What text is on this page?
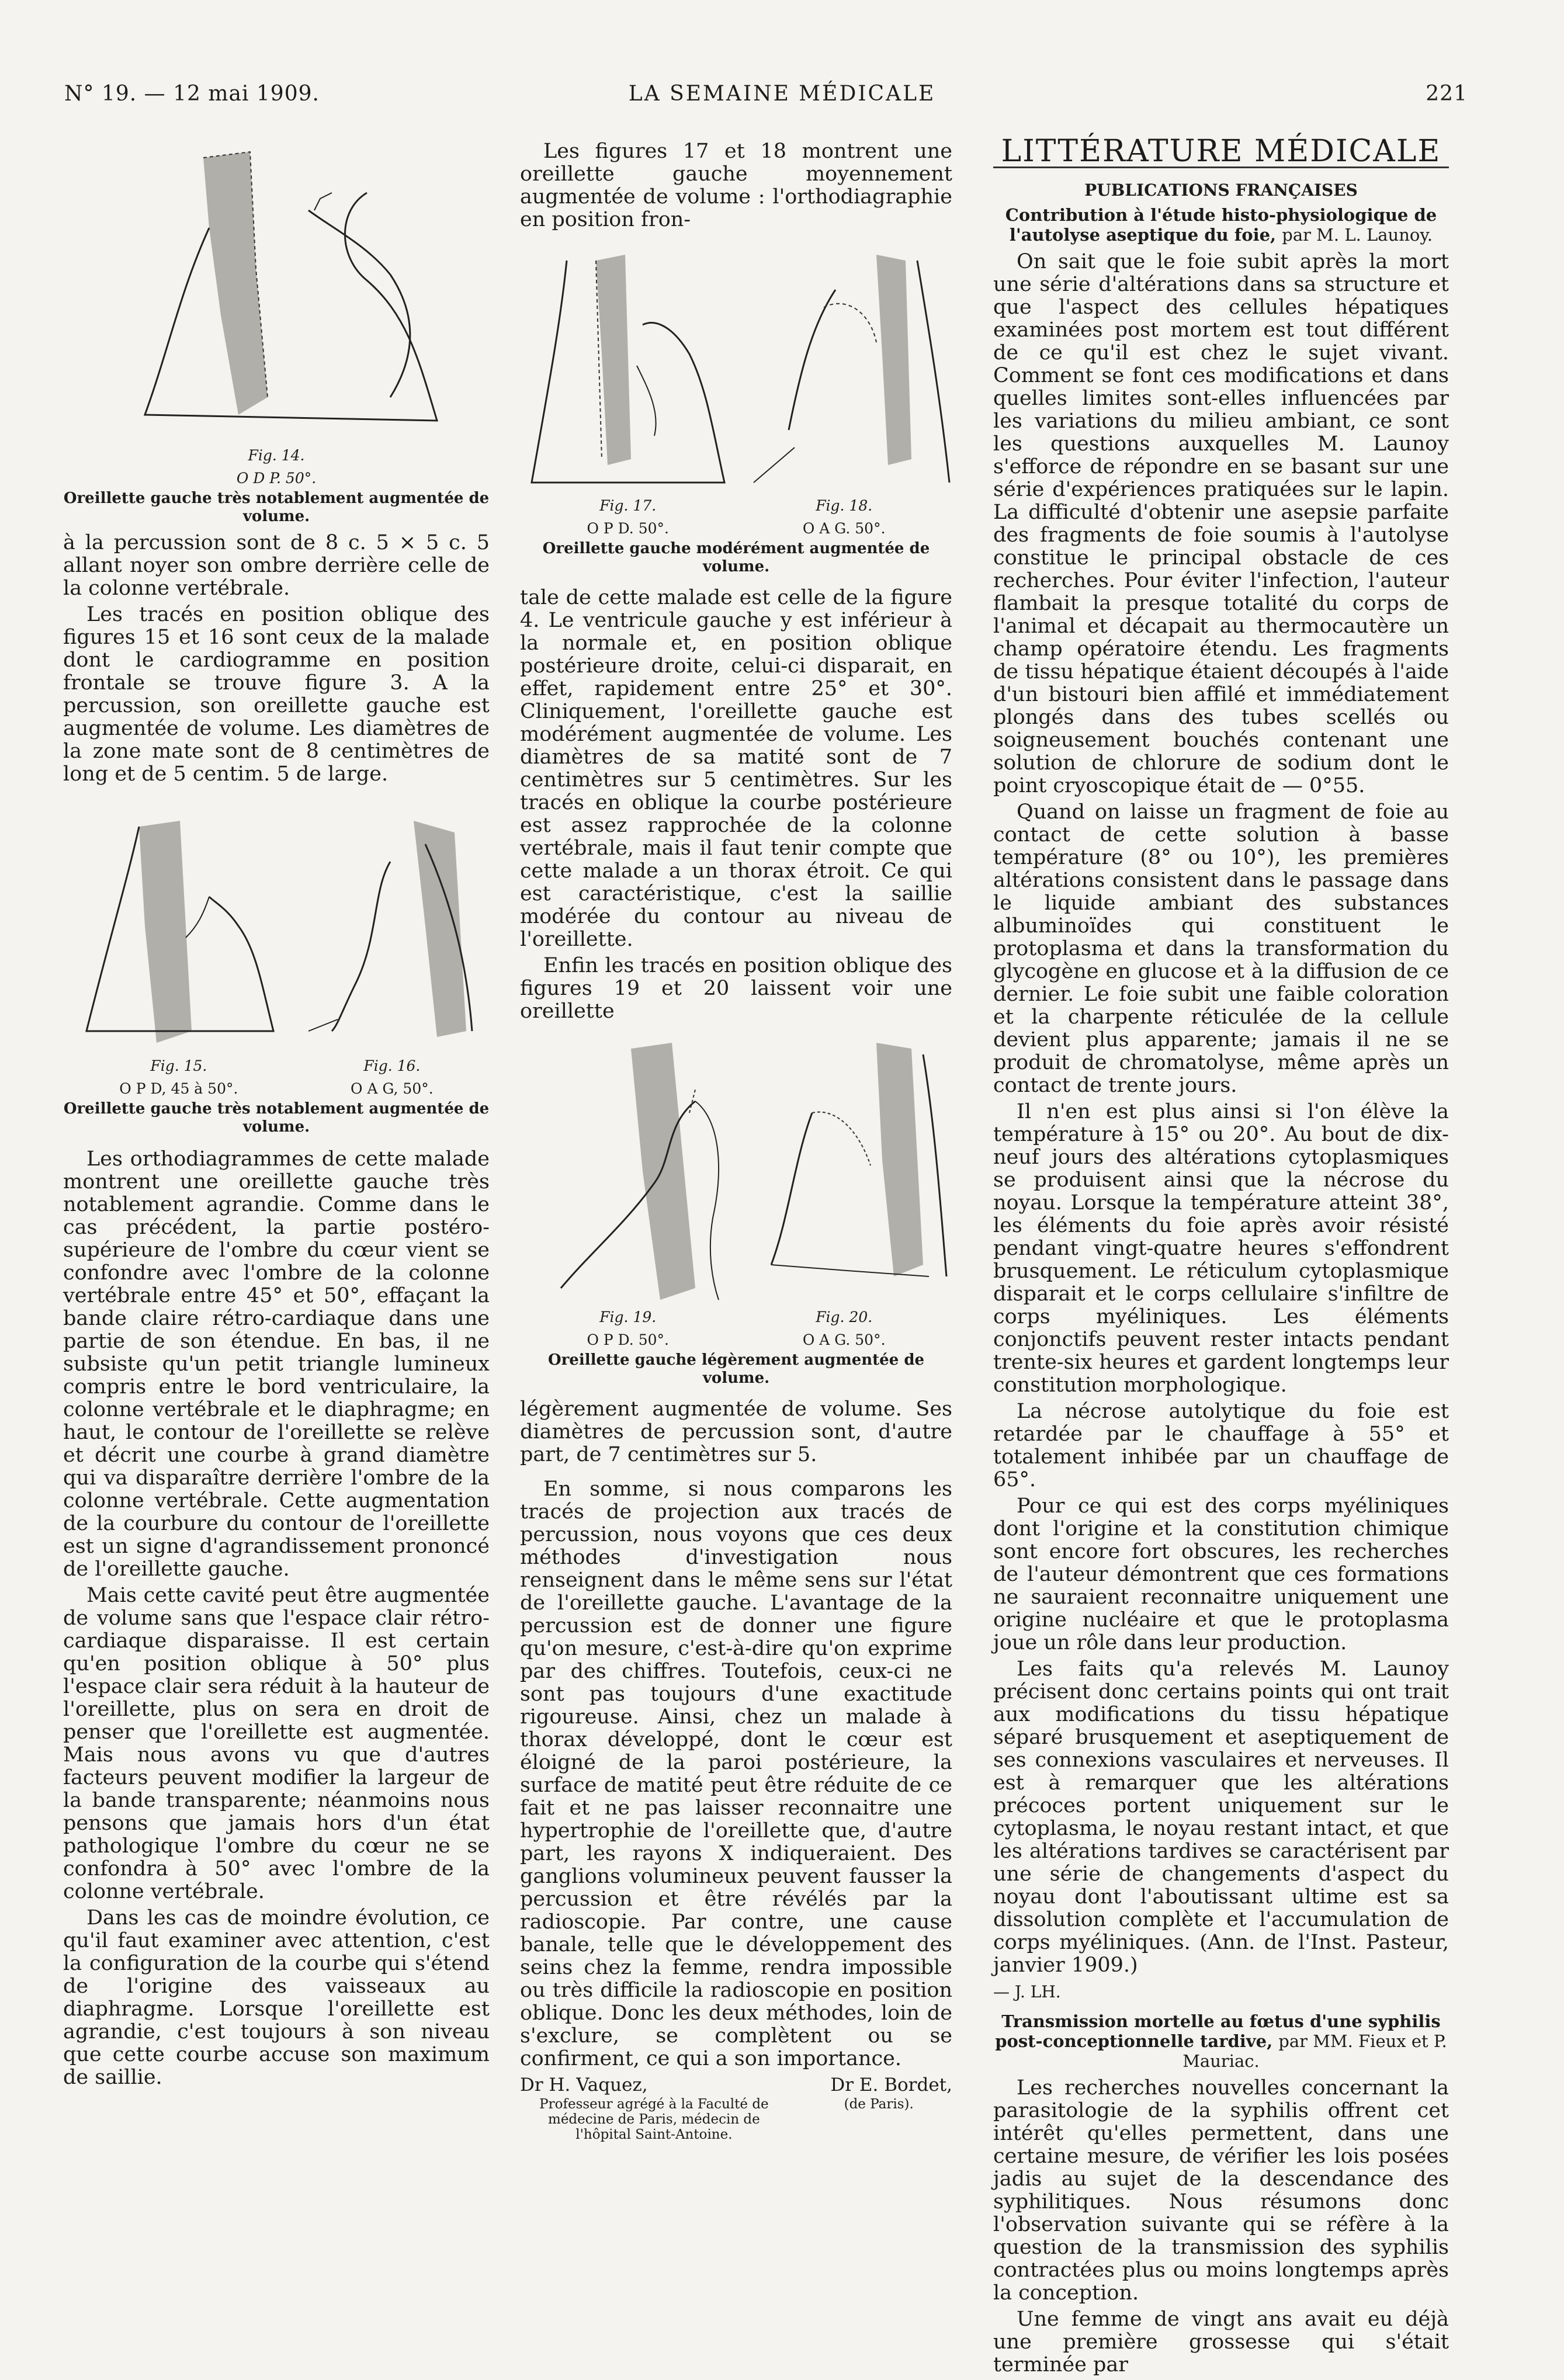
N° 19. — 12 mai 1909.	LA SEMAINE MÉDICALE	221
Fig. 14.
O D P. 50°.
Oreillette gauche très notablement augmentée de volume.

à la percussion sont de 8 c. 5 ⨯ 5 c. 5 allant noyer son ombre derrière celle de la colonne vertébrale.

Les tracés en position oblique des figures 15 et 16 sont ceux de la malade dont le cardiogramme en position frontale se trouve figure 3. A la percussion, son oreillette gauche est augmentée de volume. Les diamètres de la zone mate sont de 8 centimètres de long et de 5 centim. 5 de large.

Fig. 15.
O P D, 45 à 50°.
Fig. 16.
O A G, 50°.
Oreillette gauche très notablement augmentée de volume.

Les orthodiagrammes de cette malade montrent une oreillette gauche très notablement agrandie. Comme dans le cas précédent, la partie postéro-supérieure de l'ombre du cœur vient se confondre avec l'ombre de la colonne vertébrale entre 45° et 50°, effaçant la bande claire rétro-cardiaque dans une partie de son étendue. En bas, il ne subsiste qu'un petit triangle lumineux compris entre le bord ventriculaire, la colonne vertébrale et le diaphragme; en haut, le contour de l'oreillette se relève et décrit une courbe à grand diamètre qui va disparaître derrière l'ombre de la colonne vertébrale. Cette augmentation de la courbure du contour de l'oreillette est un signe d'agrandissement prononcé de l'oreillette gauche.

Mais cette cavité peut être augmentée de volume sans que l'espace clair rétro-cardiaque disparaisse. Il est certain qu'en position oblique à 50° plus l'espace clair sera réduit à la hauteur de l'oreillette, plus on sera en droit de penser que l'oreillette est augmentée. Mais nous avons vu que d'autres facteurs peuvent modifier la largeur de la bande transparente; néanmoins nous pensons que jamais hors d'un état pathologique l'ombre du cœur ne se confondra à 50° avec l'ombre de la colonne vertébrale.

Dans les cas de moindre évolution, ce qu'il faut examiner avec attention, c'est la configuration de la courbe qui s'étend de l'origine des vaisseaux au diaphragme. Lorsque l'oreillette est agrandie, c'est toujours à son niveau que cette courbe accuse son maximum de saillie.

Les figures 17 et 18 montrent une oreillette gauche moyennement augmentée de volume : l'orthodiagraphie en position fron-

Fig. 17.
O P D. 50°.
Fig. 18.
O A G. 50°.
Oreillette gauche modérément augmentée de volume.

tale de cette malade est celle de la figure 4. Le ventricule gauche y est inférieur à la normale et, en position oblique postérieure droite, celui-ci disparait, en effet, rapidement entre 25° et 30°. Cliniquement, l'oreillette gauche est modérément augmentée de volume. Les diamètres de sa matité sont de 7 centimètres sur 5 centimètres. Sur les tracés en oblique la courbe postérieure est assez rapprochée de la colonne vertébrale, mais il faut tenir compte que cette malade a un thorax étroit. Ce qui est caractéristique, c'est la saillie modérée du contour au niveau de l'oreillette.

Enfin les tracés en position oblique des figures 19 et 20 laissent voir une oreillette

Fig. 19.
O P D. 50°.
Fig. 20.
O A G. 50°.
Oreillette gauche légèrement augmentée de volume.

légèrement augmentée de volume. Ses diamètres de percussion sont, d'autre part, de 7 centimètres sur 5.

En somme, si nous comparons les tracés de projection aux tracés de percussion, nous voyons que ces deux méthodes d'investigation nous renseignent dans le même sens sur l'état de l'oreillette gauche. L'avantage de la percussion est de donner une figure qu'on mesure, c'est-à-dire qu'on exprime par des chiffres. Toutefois, ceux-ci ne sont pas toujours d'une exactitude rigoureuse. Ainsi, chez un malade à thorax développé, dont le cœur est éloigné de la paroi postérieure, la surface de matité peut être réduite de ce fait et ne pas laisser reconnaitre une hypertrophie de l'oreillette que, d'autre part, les rayons X indiqueraient. Des ganglions volumineux peuvent fausser la percussion et être révélés par la radioscopie. Par contre, une cause banale, telle que le développement des seins chez la femme, rendra impossible ou très difficile la radioscopie en position oblique. Donc les deux méthodes, loin de s'exclure, se complètent ou se confirment, ce qui a son importance.

Dr H. Vaquez,	Dr E. Bordet,
Professeur agrégé à la Faculté de médecine de Paris, médecin de l'hôpital Saint-Antoine.
(de Paris).
LITTÉRATURE MÉDICALE
PUBLICATIONS FRANÇAISES
Contribution à l'étude histo-physiologique de l'autolyse aseptique du foie, par M. L. Launoy.

On sait que le foie subit après la mort une série d'altérations dans sa structure et que l'aspect des cellules hépatiques examinées post mortem est tout différent de ce qu'il est chez le sujet vivant. Comment se font ces modifications et dans quelles limites sont-elles influencées par les variations du milieu ambiant, ce sont les questions auxquelles M. Launoy s'efforce de répondre en se basant sur une série d'expériences pratiquées sur le lapin. La difficulté d'obtenir une asepsie parfaite des fragments de foie soumis à l'autolyse constitue le principal obstacle de ces recherches. Pour éviter l'infection, l'auteur flambait la presque totalité du corps de l'animal et décapait au thermocautère un champ opératoire étendu. Les fragments de tissu hépatique étaient découpés à l'aide d'un bistouri bien affilé et immédiatement plongés dans des tubes scellés ou soigneusement bouchés contenant une solution de chlorure de sodium dont le point cryoscopique était de — 0°55.

Quand on laisse un fragment de foie au contact de cette solution à basse température (8° ou 10°), les premières altérations consistent dans le passage dans le liquide ambiant des substances albuminoïdes qui constituent le protoplasma et dans la transformation du glycogène en glucose et à la diffusion de ce dernier. Le foie subit une faible coloration et la charpente réticulée de la cellule devient plus apparente; jamais il ne se produit de chromatolyse, même après un contact de trente jours.

Il n'en est plus ainsi si l'on élève la température à 15° ou 20°. Au bout de dix-neuf jours des altérations cytoplasmiques se produisent ainsi que la nécrose du noyau. Lorsque la température atteint 38°, les éléments du foie après avoir résisté pendant vingt-quatre heures s'effondrent brusquement. Le réticulum cytoplasmique disparait et le corps cellulaire s'infiltre de corps myéliniques. Les éléments conjonctifs peuvent rester intacts pendant trente-six heures et gardent longtemps leur constitution morphologique.

La nécrose autolytique du foie est retardée par le chauffage à 55° et totalement inhibée par un chauffage de 65°.

Pour ce qui est des corps myéliniques dont l'origine et la constitution chimique sont encore fort obscures, les recherches de l'auteur démontrent que ces formations ne sauraient reconnaitre uniquement une origine nucléaire et que le protoplasma joue un rôle dans leur production.

Les faits qu'a relevés M. Launoy précisent donc certains points qui ont trait aux modifications du tissu hépatique séparé brusquement et aseptiquement de ses connexions vasculaires et nerveuses. Il est à remarquer que les altérations précoces portent uniquement sur le cytoplasma, le noyau restant intact, et que les altérations tardives se caractérisent par une série de changements d'aspect du noyau dont l'aboutissant ultime est sa dissolution complète et l'accumulation de corps myéliniques. (Ann. de l'Inst. Pasteur, janvier 1909.)

— J. LH.
Transmission mortelle au fœtus d'une syphilis post-conceptionnelle tardive, par MM. Fieux et P. Mauriac.

Les recherches nouvelles concernant la parasitologie de la syphilis offrent cet intérêt qu'elles permettent, dans une certaine mesure, de vérifier les lois posées jadis au sujet de la descendance des syphilitiques. Nous résumons donc l'observation suivante qui se réfère à la question de la transmission des syphilis contractées plus ou moins longtemps après la conception.

Une femme de vingt ans avait eu déjà une première grossesse qui s'était terminée par
